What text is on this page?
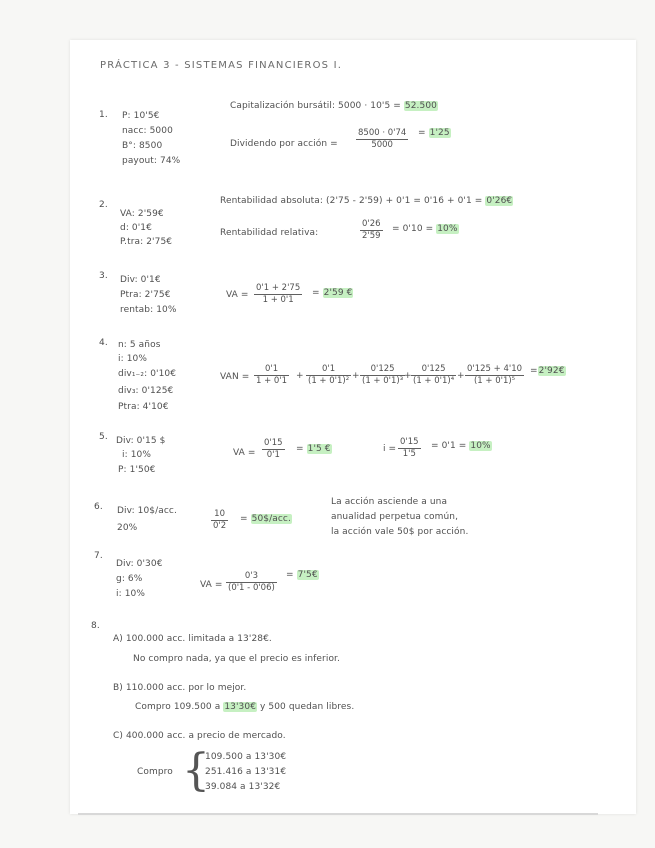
PRÁCTICA 3 - SISTEMAS FINANCIEROS I.
1. P: 10'5€
nacc: 5000
B°: 8500
payout: 74%
Capitalización bursátil: 5000 · 10'5 = 52.500
Dividendo por acción = $\frac{8500 \cdot 0'74}{5000} = 1'25$
2.
VA: 2'59€
d: 0'1€
P.tra: 2'75€
Rentabilidad absoluta: (2'75 - 2'59) + 0'1 = 0'16 + 0'1 = 0'26€
Rentabilidad relativa:	$\frac{0'26}{2'59} = 0'10 = 10\%$
3. Div: 0'1€
Ptra: 2'75€
rentab: 10%
VA = $\frac{0'1 + 2'75}{1 + 0'1} = 2'59$ €
4. n: 5 años
i: 10%
div₁₋₂: 0'10€
div₃: 0'125€
Ptra: 4'10€
VAN = $\frac{0'1}{1 + 0'1} + \frac{0'1}{\text{(1 + 0'1)²}} + \frac{0'125}{\text{(1 + 0'1)³}}$
+ $\frac{0'125}{\text{(1 + 0'1)⁴}} + \frac{0'125 + 4'10}{\text{(1 + 0'1)⁵}}$ =2'92€
5. Div: 0'15 $
i: 10%
P: 1'50€
VA = $\frac{0'15}{0'1} = 1'5$ €	$i = \frac{0'15}{1'5} = 0'1 = 10\%$
6. Div: 10$/acc.
20%	$\frac{10}{0'2}$ = 50$/acc.
La acción asciende a una
anualidad perpetua común,
la acción vale 50$ por acción.
7.
Div: 0'30€
g: 6%
i: 10%
VA = $\frac{0'3}{(0'1 - 0'06)}$ = 7'5€
8.
A) 100.000 acc. limitada a 13'28€.
No compro nada, ya que el precio es inferior.
B) 110.000 acc. por lo mejor.
Compro 109.500 a 13'30€ y 500 quedan libres.
C) 400.000 acc. a precio de mercado.
Compro {
109.500 a 13'30€
251.416 a 13'31€
39.084 a 13'32€
